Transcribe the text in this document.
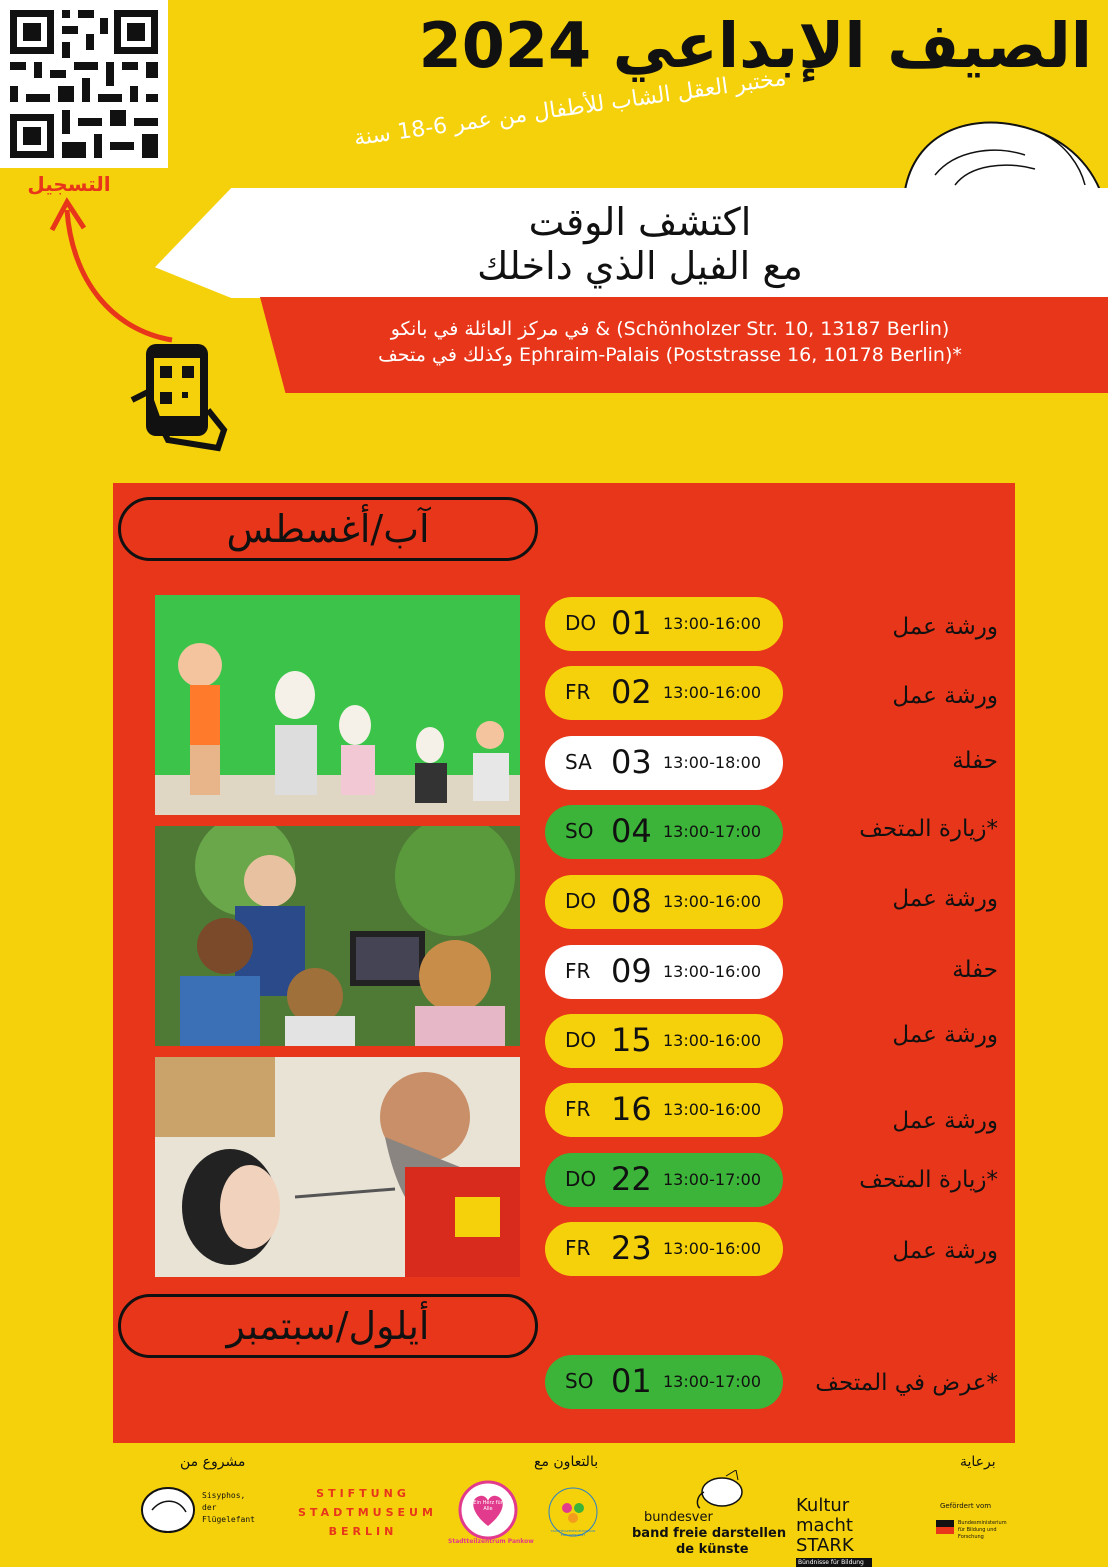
التسجيل
الصيف الإبداعي 2024
مختبر العقل الشاب للأطفال من عمر 6-18 سنة
اكتشف الوقت
مع الفيل الذي داخلك
في مركز العائلة في بانكو & (Schönholzer Str. 10, 13187 Berlin)
وكذلك في متحف Ephraim-Palais (Poststrasse 16, 10178 Berlin)*
آب/أغسطس
أيلول/سبتمبر
DO 01 13:00-16:00	ورشة عمل
FR 02 13:00-16:00	ورشة عمل
SA 03 13:00-18:00	حفلة
SO 04 13:00-17:00	*زيارة المتحف
DO 08 13:00-16:00	ورشة عمل
FR 09 13:00-16:00	حفلة
DO 15 13:00-16:00	ورشة عمل
FR 16 13:00-16:00	ورشة عمل
DO 22 13:00-17:00	*زيارة المتحف
FR 23 13:00-16:00	ورشة عمل
SO 01 13:00-17:00	*عرض في المتحف
مشروع من	بالتعاون مع	برعاية
Sisyphos, der Flügelefant
STIFTUNG
STADTMUSEUM
BERLIN
Ein Herz für Alle
Stadtteilzentrum Pankow
STADTTEILZENTRUM PANKOW EMPOWERMENT
bundesver
band freie darstellen
de künste
Kultur
macht STARK
Bündnisse für Bildung
Gefördert vom
Bundesministerium für Bildung und Forschung
